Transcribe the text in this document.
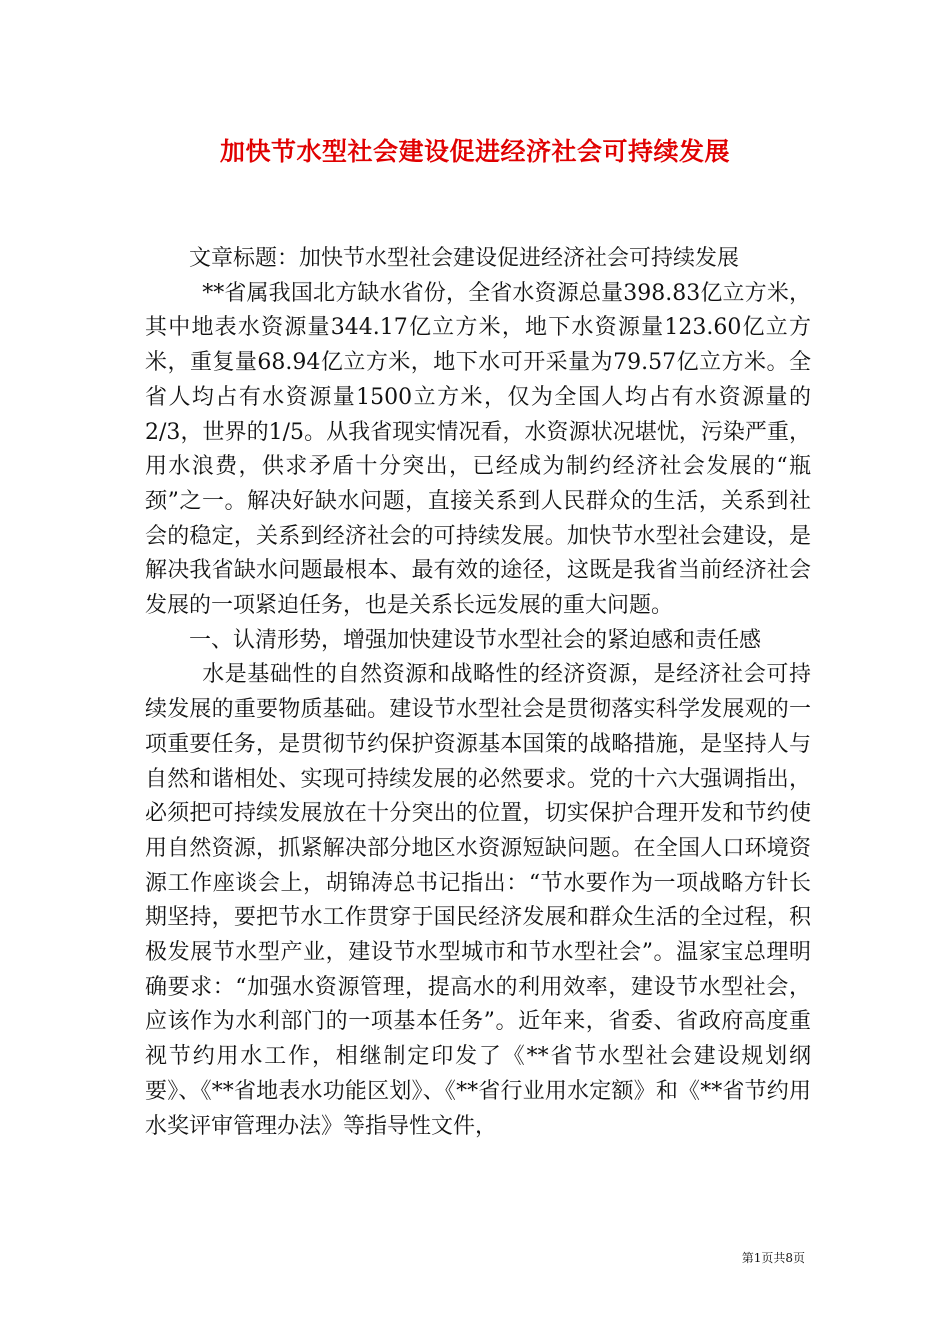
加快节水型社会建设促进经济社会可持续发展

文章标题：加快节水型社会建设促进经济社会可持续发展

**省属我国北方缺水省份，全省水资源总量398.83亿立方米，其中地表水资源量344.17亿立方米，地下水资源量123.60亿立方米，重复量68.94亿立方米，地下水可开采量为79.57亿立方米。全省人均占有水资源量1500立方米，仅为全国人均占有水资源量的2/3，世界的1/5。从我省现实情况看，水资源状况堪忧，污染严重，用水浪费，供求矛盾十分突出，已经成为制约经济社会发展的“瓶颈”之一。解决好缺水问题，直接关系到人民群众的生活，关系到社会的稳定，关系到经济社会的可持续发展。加快节水型社会建设，是解决我省缺水问题最根本、最有效的途径，这既是我省当前经济社会发展的一项紧迫任务，也是关系长远发展的重大问题。

一、认清形势，增强加快建设节水型社会的紧迫感和责任感

水是基础性的自然资源和战略性的经济资源，是经济社会可持续发展的重要物质基础。建设节水型社会是贯彻落实科学发展观的一项重要任务，是贯彻节约保护资源基本国策的战略措施，是坚持人与自然和谐相处、实现可持续发展的必然要求。党的十六大强调指出，必须把可持续发展放在十分突出的位置，切实保护合理开发和节约使用自然资源，抓紧解决部分地区水资源短缺问题。在全国人口环境资源工作座谈会上，胡锦涛总书记指出：“节水要作为一项战略方针长期坚持，要把节水工作贯穿于国民经济发展和群众生活的全过程，积极发展节水型产业，建设节水型城市和节水型社会”。温家宝总理明确要求：“加强水资源管理，提高水的利用效率，建设节水型社会，应该作为水利部门的一项基本任务”。近年来，省委、省政府高度重视节约用水工作，相继制定印发了《**省节水型社会建设规划纲要》、《**省地表水功能区划》、《**省行业用水定额》和《**省节约用水奖评审管理办法》等指导性文件，

第1页共8页
